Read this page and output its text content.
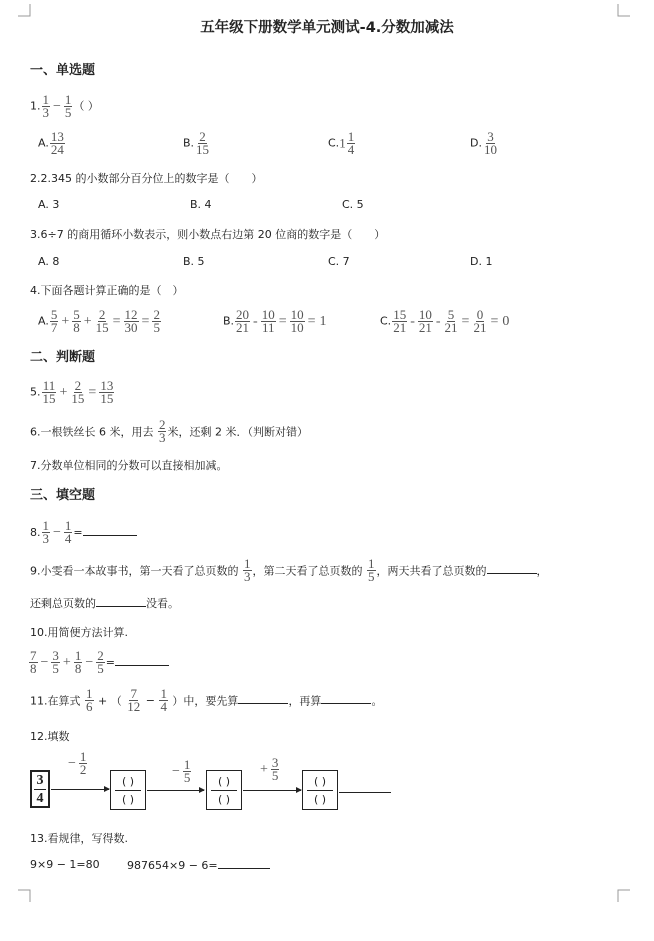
五年级下册数学单元测试-4.分数加减法
一、单选题
1. $\frac{1}{3} - \frac{1}{5}$ （ ）
A. $\frac{13}{24}$	B. $\frac{2}{15}$	$C.1 \frac{1}{4}$	D. $\frac{3}{10}$
2.2.345 的小数部分百分位上的数字是（　　）
A. 3	B. 4	C. 5
3.6÷7 的商用循环小数表示，则小数点右边第 20 位商的数字是（　　）
A. 8	B. 5	C. 7	D. 1
4.下面各题计算正确的是（　）
A. $\frac{5}{7} + \frac{5}{8} + \frac{2}{15} = \frac{12}{30} = \frac{2}{5}$	B. $\frac{20}{21} - \frac{10}{11} = \frac{10}{10} = 1$	C. $\frac{15}{21} - \frac{10}{21} - \frac{5}{21} = \frac{0}{21} = 0$
二、判断题
5. $\frac{11}{15} + \frac{2}{15} = \frac{13}{15}$
6.一根铁丝长 6 米，用去 $\frac{2}{3}$ 米，还剩 2 米．（判断对错）
7.分数单位相同的分数可以直接相加减。
三、填空题
8. $\frac{1}{3} - \frac{1}{4}$ =
9.小雯看一本故事书，第一天看了总页数的 $\frac{1}{3}$ ，第二天看了总页数的 $\frac{1}{5}$ ，两天共看了总页数的	，
还剩总页数的	没看。
10.用简便方法计算.
$\frac{7}{8} - \frac{3}{5} + \frac{1}{8} - \frac{2}{5}$ =
11.在算式 $\frac{1}{6}$ + （ $\frac{7}{12} - \frac{1}{4}$ ）中，要先算	，再算	。
12.填数
3
4
− $\frac{1}{2}$
( )
( )
− $\frac{1}{5}$	( )
( )
+ $\frac{3}{5}$	( )
( )
13.看规律，写得数.
9×9 − 1=80 987654×9 − 6=
